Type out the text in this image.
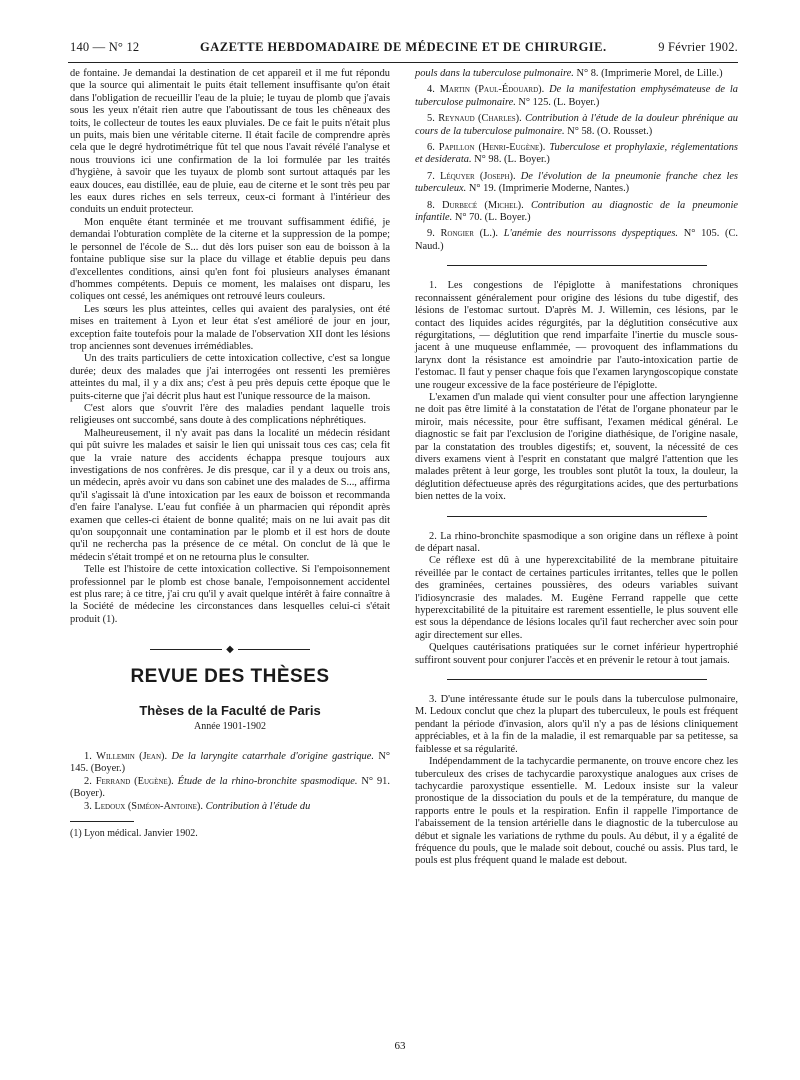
140 — N° 12	GAZETTE HEBDOMADAIRE DE MÉDECINE ET DE CHIRURGIE.	9 Février 1902.

de fontaine. Je demandai la destination de cet appareil et il me fut répondu que la source qui alimentait le puits était tellement insuffisante qu'on était dans l'obligation de recueillir l'eau de la pluie; le tuyau de plomb que j'avais sous les yeux n'était rien autre que l'aboutissant de tous les chêneaux des toits, le collecteur de toutes les eaux pluviales. De ce fait le puits n'était plus un puits, mais bien une véritable citerne. Il était facile de comprendre après cela que le degré hydrotimétrique fût tel que nous l'avait révélé l'analyse et nous trouvions ici une confirmation de la loi formulée par les traités d'hygiène, à savoir que les tuyaux de plomb sont surtout attaqués par les eaux douces, eau distillée, eau de pluie, eau de citerne et le sont très peu par les eaux dures riches en sels terreux, ceux-ci formant à l'intérieur des conduits un enduit protecteur.

Mon enquête étant terminée et me trouvant suffisamment édifié, je demandai l'obturation complète de la citerne et la suppression de la pompe; le personnel de l'école de S... dut dès lors puiser son eau de boisson à la fontaine publique sise sur la place du village et établie depuis peu dans d'excellentes conditions, ainsi qu'en font foi plusieurs analyses émanant d'hommes compétents. Depuis ce moment, les malaises ont disparu, les coliques ont cessé, les anémiques ont retrouvé leurs couleurs.

Les sœurs les plus atteintes, celles qui avaient des paralysies, ont été mises en traitement à Lyon et leur état s'est amélioré de jour en jour, exception faite toutefois pour la malade de l'observation XII dont les lésions trop anciennes sont devenues irrémédiables.

Un des traits particuliers de cette intoxication collective, c'est sa longue durée; deux des malades que j'ai interrogées ont ressenti les premières atteintes du mal, il y a dix ans; c'est à peu près depuis cette époque que le puits-citerne que j'ai décrit plus haut est l'unique ressource de la maison.

C'est alors que s'ouvrit l'ère des maladies pendant laquelle trois religieuses ont succombé, sans doute à des complications néphrétiques.

Malheureusement, il n'y avait pas dans la localité un médecin résidant qui pût suivre les malades et saisir le lien qui unissait tous ces cas; cela fit que la vraie nature des accidents échappa presque toujours aux investigations de nos confrères. Je dis presque, car il y a deux ou trois ans, un médecin, après avoir vu dans son cabinet une des malades de S..., affirma qu'il s'agissait là d'une intoxication par les eaux de boisson et recommanda d'en faire l'analyse. L'eau fut confiée à un pharmacien qui répondit après examen que celles-ci étaient de bonne qualité; mais on ne lui avait pas dit qu'on soupçonnait une contamination par le plomb et il est hors de doute qu'il ne rechercha pas la présence de ce métal. On conclut de là que le médecin s'était trompé et on ne retourna plus le consulter.

Telle est l'histoire de cette intoxication collective. Si l'empoisonnement professionnel par le plomb est chose banale, l'empoisonnement accidentel est plus rare; à ce titre, j'ai cru qu'il y avait quelque intérêt à faire connaître à la Société de médecine les circonstances dans lesquelles celui-ci s'était produit (1).

◆
REVUE DES THÈSES
Thèses de la Faculté de Paris
Année 1901-1902

1. Willemin (Jean). De la laryngite catarrhale d'origine gastrique. N° 145. (Boyer.)

2. Ferrand (Eugène). Étude de la rhino-bronchite spasmodique. N° 91. (Boyer).

3. Ledoux (Siméon-Antoine). Contribution à l'étude du

(1) Lyon médical. Janvier 1902.

pouls dans la tuberculose pulmonaire. N° 8. (Imprimerie Morel, de Lille.)

4. Martin (Paul-Édouard). De la manifestation emphysémateuse de la tuberculose pulmonaire. N° 125. (L. Boyer.)

5. Reynaud (Charles). Contribution à l'étude de la douleur phrénique au cours de la tuberculose pulmonaire. N° 58. (O. Rousset.)

6. Papillon (Henri-Eugène). Tuberculose et prophylaxie, réglementations et desiderata. N° 98. (L. Boyer.)

7. Léquyer (Joseph). De l'évolution de la pneumonie franche chez les tuberculeux. N° 19. (Imprimerie Moderne, Nantes.)

8. Durbecé (Michel). Contribution au diagnostic de la pneumonie infantile. N° 70. (L. Boyer.)

9. Rongier (L.). L'anémie des nourrissons dyspeptiques. N° 105. (C. Naud.)

1. Les congestions de l'épiglotte à manifestations chroniques reconnaissent généralement pour origine des lésions du tube digestif, des lésions de l'estomac surtout. D'après M. J. Willemin, ces lésions, par le contact des liquides acides régurgités, par la déglutition consécutive aux régurgitations, — déglutition que rend imparfaite l'inertie du muscle sous-jacent à une muqueuse enflammée, — provoquent des inflammations du larynx dont la résistance est amoindrie par l'auto-intoxication partie de l'estomac. Il faut y penser chaque fois que l'examen laryngoscopique constate une rougeur excessive de la face postérieure de l'épiglotte.

L'examen d'un malade qui vient consulter pour une affection laryngienne ne doit pas être limité à la constatation de l'état de l'organe phonateur par le miroir, mais nécessite, pour être suffisant, l'examen médical général. Le diagnostic se fait par l'exclusion de l'origine diathésique, de l'origine nasale, par la constatation des troubles digestifs; et, souvent, la nécessité de ces divers examens vient à l'esprit en constatant que malgré l'attention que les malades prêtent à leur gorge, les troubles sont plutôt la toux, la douleur, la déglutition défectueuse après des régurgitations acides, que des perturbations bien nettes de la voix.

2. La rhino-bronchite spasmodique a son origine dans un réflexe à point de départ nasal.

Ce réflexe est dû à une hyperexcitabilité de la membrane pituitaire réveillée par le contact de certaines particules irritantes, telles que le pollen des graminées, certaines poussières, des odeurs variables suivant l'idiosyncrasie des malades. M. Eugène Ferrand rappelle que cette hyperexcitabilité de la pituitaire est rarement essentielle, le plus souvent elle est sous la dépendance de lésions locales qu'il faut rechercher avec soin pour agir directement sur elles.

Quelques cautérisations pratiquées sur le cornet inférieur hypertrophié suffiront souvent pour conjurer l'accès et en prévenir le retour à tout jamais.

3. D'une intéressante étude sur le pouls dans la tuberculose pulmonaire, M. Ledoux conclut que chez la plupart des tuberculeux, le pouls est fréquent pendant la période d'invasion, alors qu'il n'y a pas de lésions cliniquement appréciables, et à la fin de la maladie, il est remarquable par sa petitesse, sa faiblesse et sa régularité.

Indépendamment de la tachycardie permanente, on trouve encore chez les tuberculeux des crises de tachycardie paroxystique analogues aux crises de tachycardie paroxystique essentielle. M. Ledoux insiste sur la valeur pronostique de la dissociation du pouls et de la température, du manque de rapports entre le pouls et la respiration. Enfin il rappelle l'importance de l'abaissement de la tension artérielle dans le diagnostic de la tuberculose au début et signale les variations de rythme du pouls. Au début, il y a égalité de fréquence du pouls, que le malade soit debout, couché ou assis. Plus tard, le pouls est plus fréquent quand le malade est debout.

63
